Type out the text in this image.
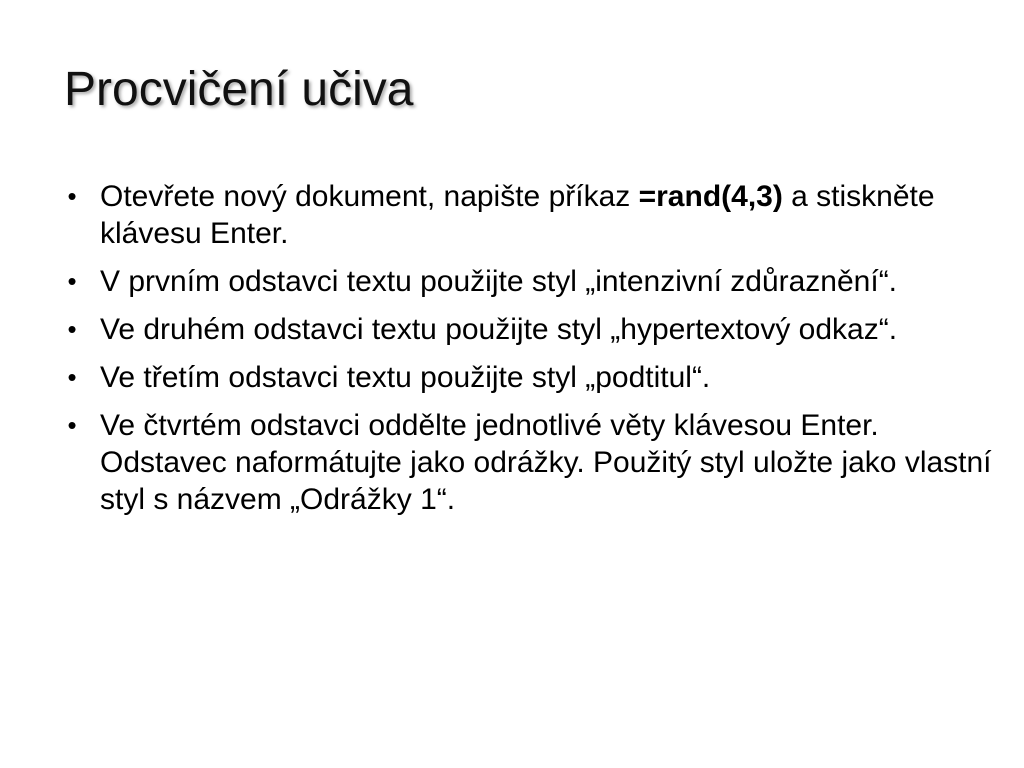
Procvičení učiva
• Otevřete nový dokument, napište příkaz =rand(4,3) a stiskněte klávesu Enter.
• V prvním odstavci textu použijte styl „intenzivní zdůraznění“.
• Ve druhém odstavci textu použijte styl „hypertextový odkaz“.
• Ve třetím odstavci textu použijte styl „podtitul“.
• Ve čtvrtém odstavci oddělte jednotlivé věty klávesou Enter. Odstavec naformátujte jako odrážky. Použitý styl uložte jako vlastní styl s názvem „Odrážky 1“.
